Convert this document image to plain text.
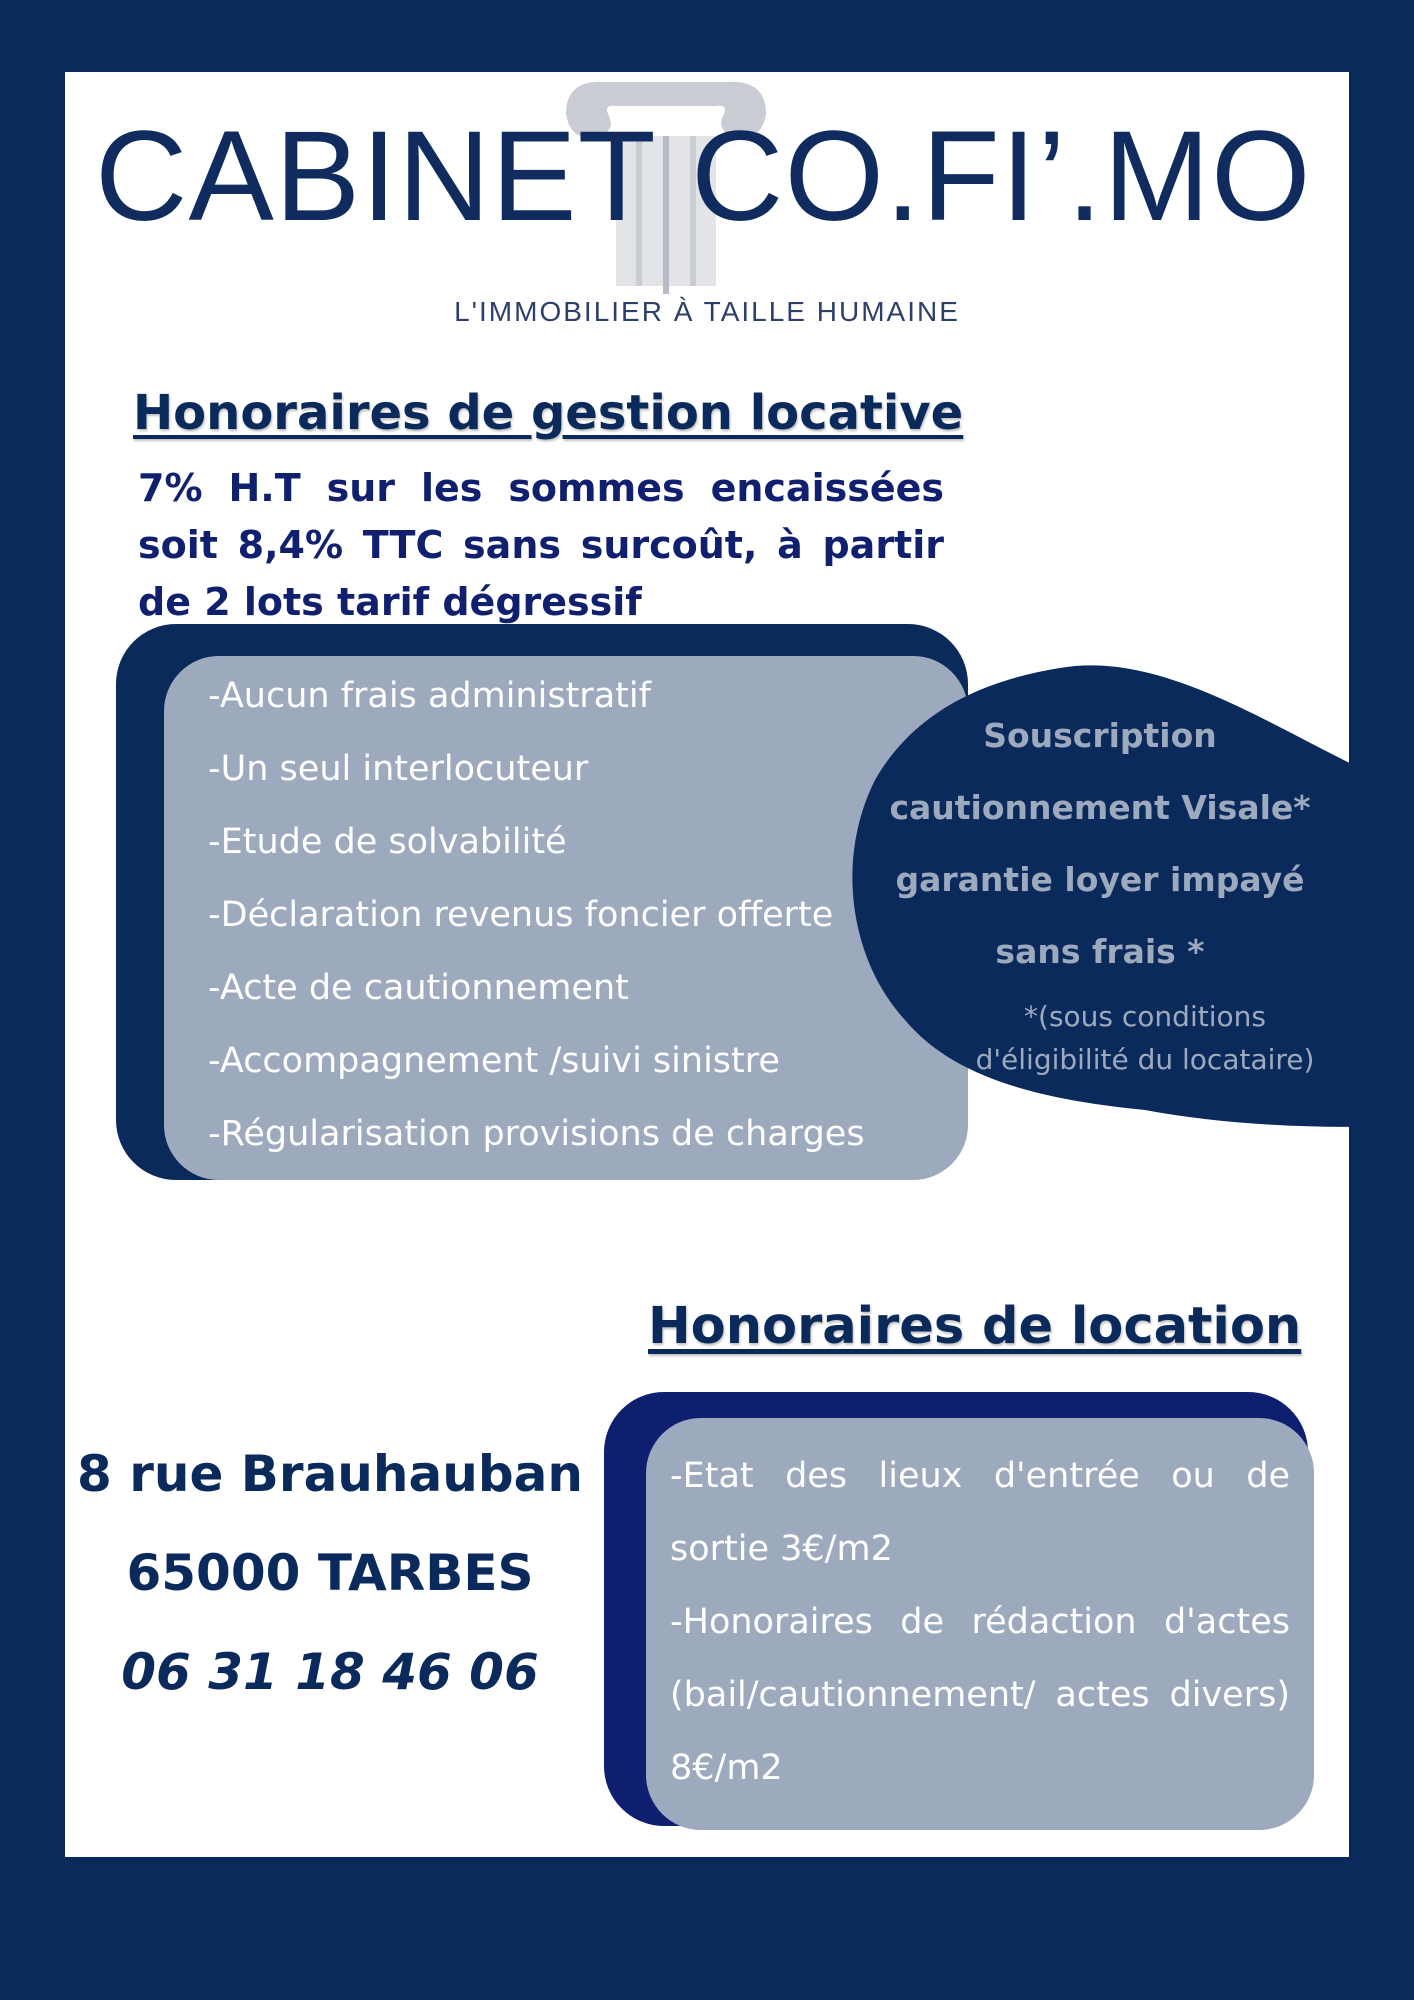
CABINET CO.FI’.MO
L'IMMOBILIER À TAILLE HUMAINE
Honoraires de gestion locative
7% H.T sur les sommes encaissées soit 8,4% TTC sans surcoût, à partir de 2 lots tarif dégressif
-Aucun frais administratif
-Un seul interlocuteur
-Etude de solvabilité
-Déclaration revenus foncier offerte
-Acte de cautionnement
-Accompagnement /suivi sinistre
-Régularisation provisions de charges
Souscription
cautionnement Visale*
garantie loyer impayé
sans frais *
*(sous conditions
d'éligibilité du locataire)
Honoraires de location
-Etat des lieux d'entrée ou de sortie 3€/m2
-Honoraires de rédaction d'actes (bail/cautionnement/ actes divers) 8€/m2
8 rue Brauhauban
65000 TARBES
06 31 18 46 06
